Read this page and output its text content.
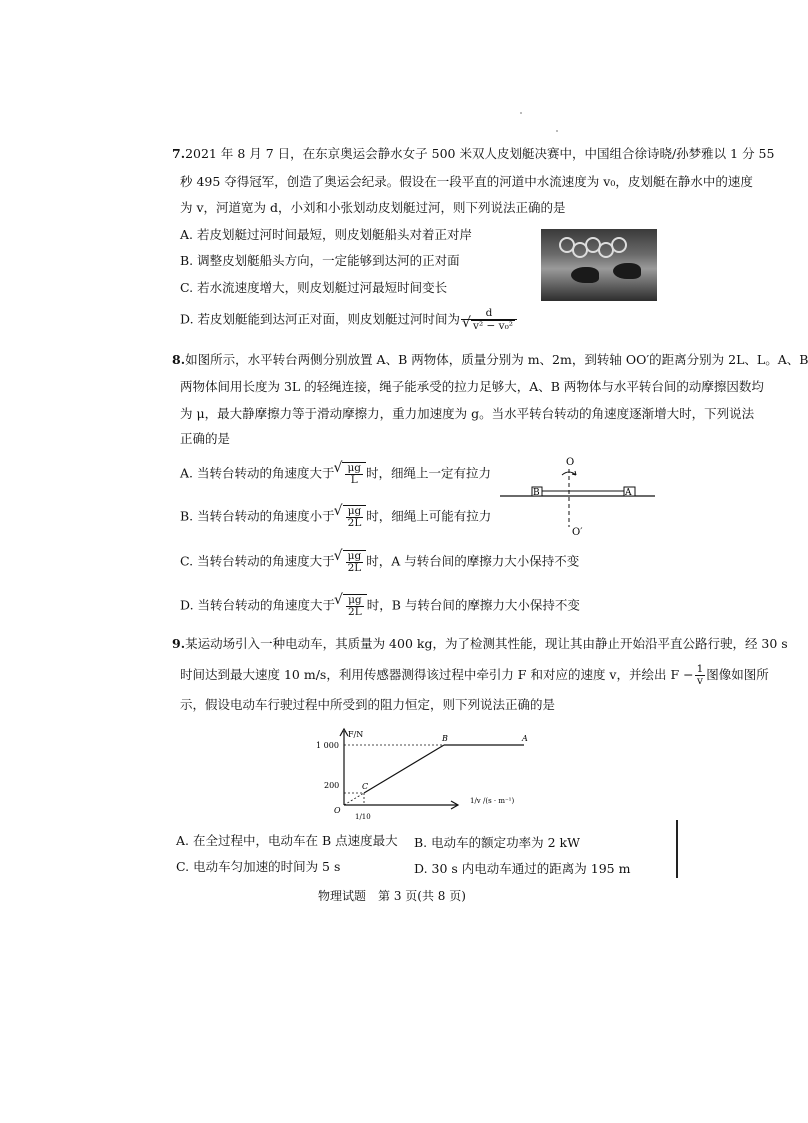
7.2021 年 8 月 7 日，在东京奥运会静水女子 500 米双人皮划艇决赛中，中国组合徐诗晓/孙梦雅以 1 分 55
秒 495 夺得冠军，创造了奥运会纪录。假设在一段平直的河道中水流速度为 v₀，皮划艇在静水中的速度
为 v，河道宽为 d，小刘和小张划动皮划艇过河，则下列说法正确的是
A. 若皮划艇过河时间最短，则皮划艇船头对着正对岸
B. 调整皮划艇船头方向，一定能够到达河的正对面
C. 若水流速度增大，则皮划艇过河最短时间变长
D. 若皮划艇能到达河正对面，则皮划艇过河时间为 d
√ v² − v₀²
8.如图所示，水平转台两侧分别放置 A、B 两物体，质量分别为 m、2m，到转轴 OO′的距离分别为 2L、L。A、B
两物体间用长度为 3L 的轻绳连接，绳子能承受的拉力足够大，A、B 两物体与水平转台间的动摩擦因数均
为 μ，最大静摩擦力等于滑动摩擦力，重力加速度为 g。当水平转台转动的角速度逐渐增大时，下列说法
正确的是
A. 当转台转动的角速度大于 √ $\frac{\mu g}{L}$ 时，细绳上一定有拉力
B. 当转台转动的角速度小于 √ $\frac{\mu g}{2L}$ 时，细绳上可能有拉力
C. 当转台转动的角速度大于 √ $\frac{\mu g}{2L}$ 时，A 与转台间的摩擦力大小保持不变
D. 当转台转动的角速度大于 √ $\frac{\mu g}{2L}$ 时，B 与转台间的摩擦力大小保持不变
O
O′
B	A
9.某运动场引入一种电动车，其质量为 400 kg，为了检测其性能，现让其由静止开始沿平直公路行驶，经 30 s
时间达到最大速度 10 m/s，利用传感器测得该过程中牵引力 F 和对应的速度 v，并绘出 $F - \frac{1}{v}$ 图像如图所
示，假设电动车行驶过程中所受到的阻力恒定，则下列说法正确的是
F/N
O
1 000
200
1/v /(s · m⁻¹)
1/10
C
B	A
A. 在全过程中，电动车在 B 点速度最大 B. 电动车的额定功率为 2 kW
C. 电动车匀加速的时间为 5 s	D. 30 s 内电动车通过的距离为 195 m
物理试题　第 3 页(共 8 页)
